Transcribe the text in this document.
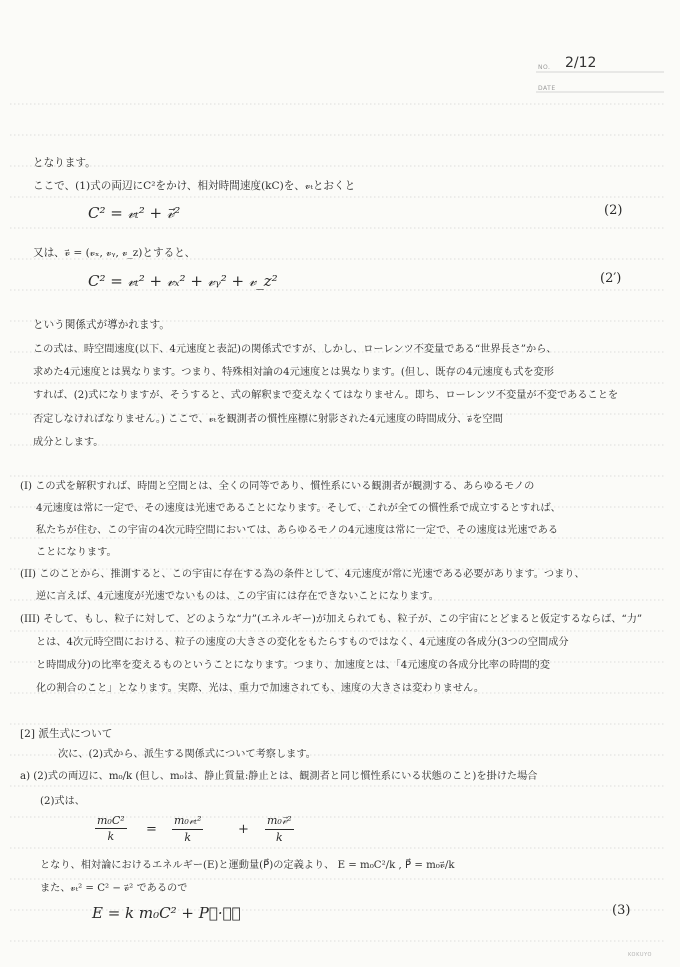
NO. 2/12
DATE
となります。
ここで、(1)式の両辺にC²をかけ、相対時間速度(kC)を、𝓋ₜとおくと
C² = 𝓋ₜ² + 𝓋⃗²	(2)
又は、𝓋⃗ = (𝓋ₓ, 𝓋ᵧ, 𝓋_z)とすると、
C² = 𝓋ₜ² + 𝓋ₓ² + 𝓋ᵧ² + 𝓋_z²	(2′)
という関係式が導かれます。
この式は、時空間速度(以下、4元速度と表記)の関係式ですが、しかし、ローレンツ不変量である“世界長さ”から、
求めた4元速度とは異なります。つまり、特殊相対論の4元速度とは異なります。(但し、既存の4元速度も式を変形
すれば、(2)式になりますが、そうすると、式の解釈まで変えなくてはなりません。即ち、ローレンツ不変量が不変であることを
否定しなければなりません。) ここで、𝓋ₜを観測者の慣性座標に射影された4元速度の時間成分、𝓋⃗を空間
成分とします。
(I) この式を解釈すれば、時間と空間とは、全くの同等であり、慣性系にいる観測者が観測する、あらゆるモノの
4元速度は常に一定で、その速度は光速であることになります。そして、これが全ての慣性系で成立するとすれば、
私たちが住む、この宇宙の4次元時空間においては、あらゆるモノの4元速度は常に一定で、その速度は光速である
ことになります。
(II) このことから、推測すると、この宇宙に存在する為の条件として、4元速度が常に光速である必要があります。つまり、
逆に言えば、4元速度が光速でないものは、この宇宙には存在できないことになります。
(III) そして、もし、粒子に対して、どのような“力”(エネルギー)が加えられても、粒子が、この宇宙にとどまると仮定するならば、“力”
とは、4次元時空間における、粒子の速度の大きさの変化をもたらすものではなく、4元速度の各成分(3つの空間成分
と時間成分)の比率を変えるものということになります。つまり、加速度とは、「4元速度の各成分比率の時間的変
化の割合のこと」となります。実際、光は、重力で加速されても、速度の大きさは変わりません。
[2] 派生式について
次に、(2)式から、派生する関係式について考察します。
a) (2)式の両辺に、m₀/k (但し、m₀は、静止質量:静止とは、観測者と同じ慣性系にいる状態のこと)を掛けた場合
(2)式は、
$\frac{\text{m₀C²}}{k}$ =
m₀𝓋ₜ²
k
+
m₀𝓋⃗²
k
となり、相対論におけるエネルギー(E)と運動量(P⃗)の定義より、 E = m₀C²/k , P⃗ = m₀𝓋⃗/k
また、𝓋ₜ² = C² − 𝓋⃗² であるので
E = k m₀C² + P⃗·𝓋⃗	(3)
KOKUYO
